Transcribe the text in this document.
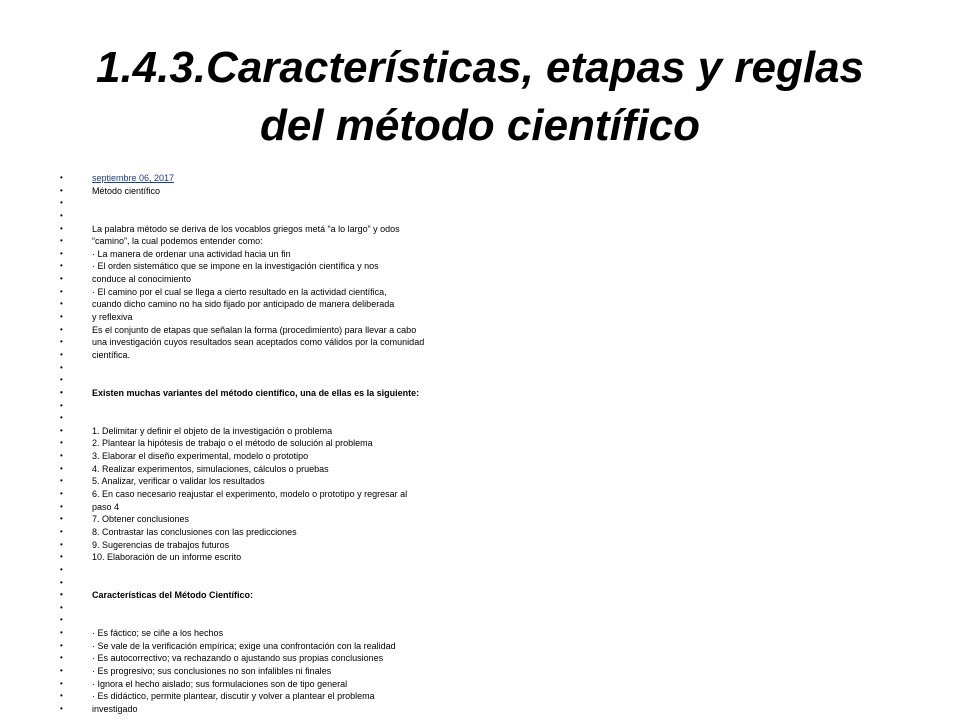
1.4.3.Características, etapas y reglas
del método científico
• septiembre 06, 2017
• Método científico
•
•
• La palabra método se deriva de los vocablos griegos metá “a lo largo” y odos
• “camino”, la cual podemos entender como:
• · La manera de ordenar una actividad hacia un fin
• · El orden sistemático que se impone en la investigación científica y nos
• conduce al conocimiento
• · El camino por el cual se llega a cierto resultado en la actividad científica,
• cuando dicho camino no ha sido fijado por anticipado de manera deliberada
• y reflexiva
• Es el conjunto de etapas que señalan la forma (procedimiento) para llevar a cabo
• una investigación cuyos resultados sean aceptados como válidos por la comunidad
• científica.
•
•
• Existen muchas variantes del método científico, una de ellas es la siguiente:
•
•
• 1. Delimitar y definir el objeto de la investigación o problema
• 2. Plantear la hipótesis de trabajo o el método de solución al problema
• 3. Elaborar el diseño experimental, modelo o prototipo
• 4. Realizar experimentos, simulaciones, cálculos o pruebas
• 5. Analizar, verificar o validar los resultados
• 6. En caso necesario reajustar el experimento, modelo o prototipo y regresar al
• paso 4
• 7. Obtener conclusiones
• 8. Contrastar las conclusiones con las predicciones
• 9. Sugerencias de trabajos futuros
• 10. Elaboración de un informe escrito
•
•
• Características del Método Científico:
•
•
• · Es fáctico; se ciñe a los hechos
• · Se vale de la verificación empírica; exige una confrontación con la realidad
• · Es autocorrectivo; va rechazando o ajustando sus propias conclusiones
• · Es progresivo; sus conclusiones no son infalibles ni finales
• · Ignora el hecho aislado; sus formulaciones son de tipo general
• · Es didáctico, permite plantear, discutir y volver a plantear el problema
• investigado
